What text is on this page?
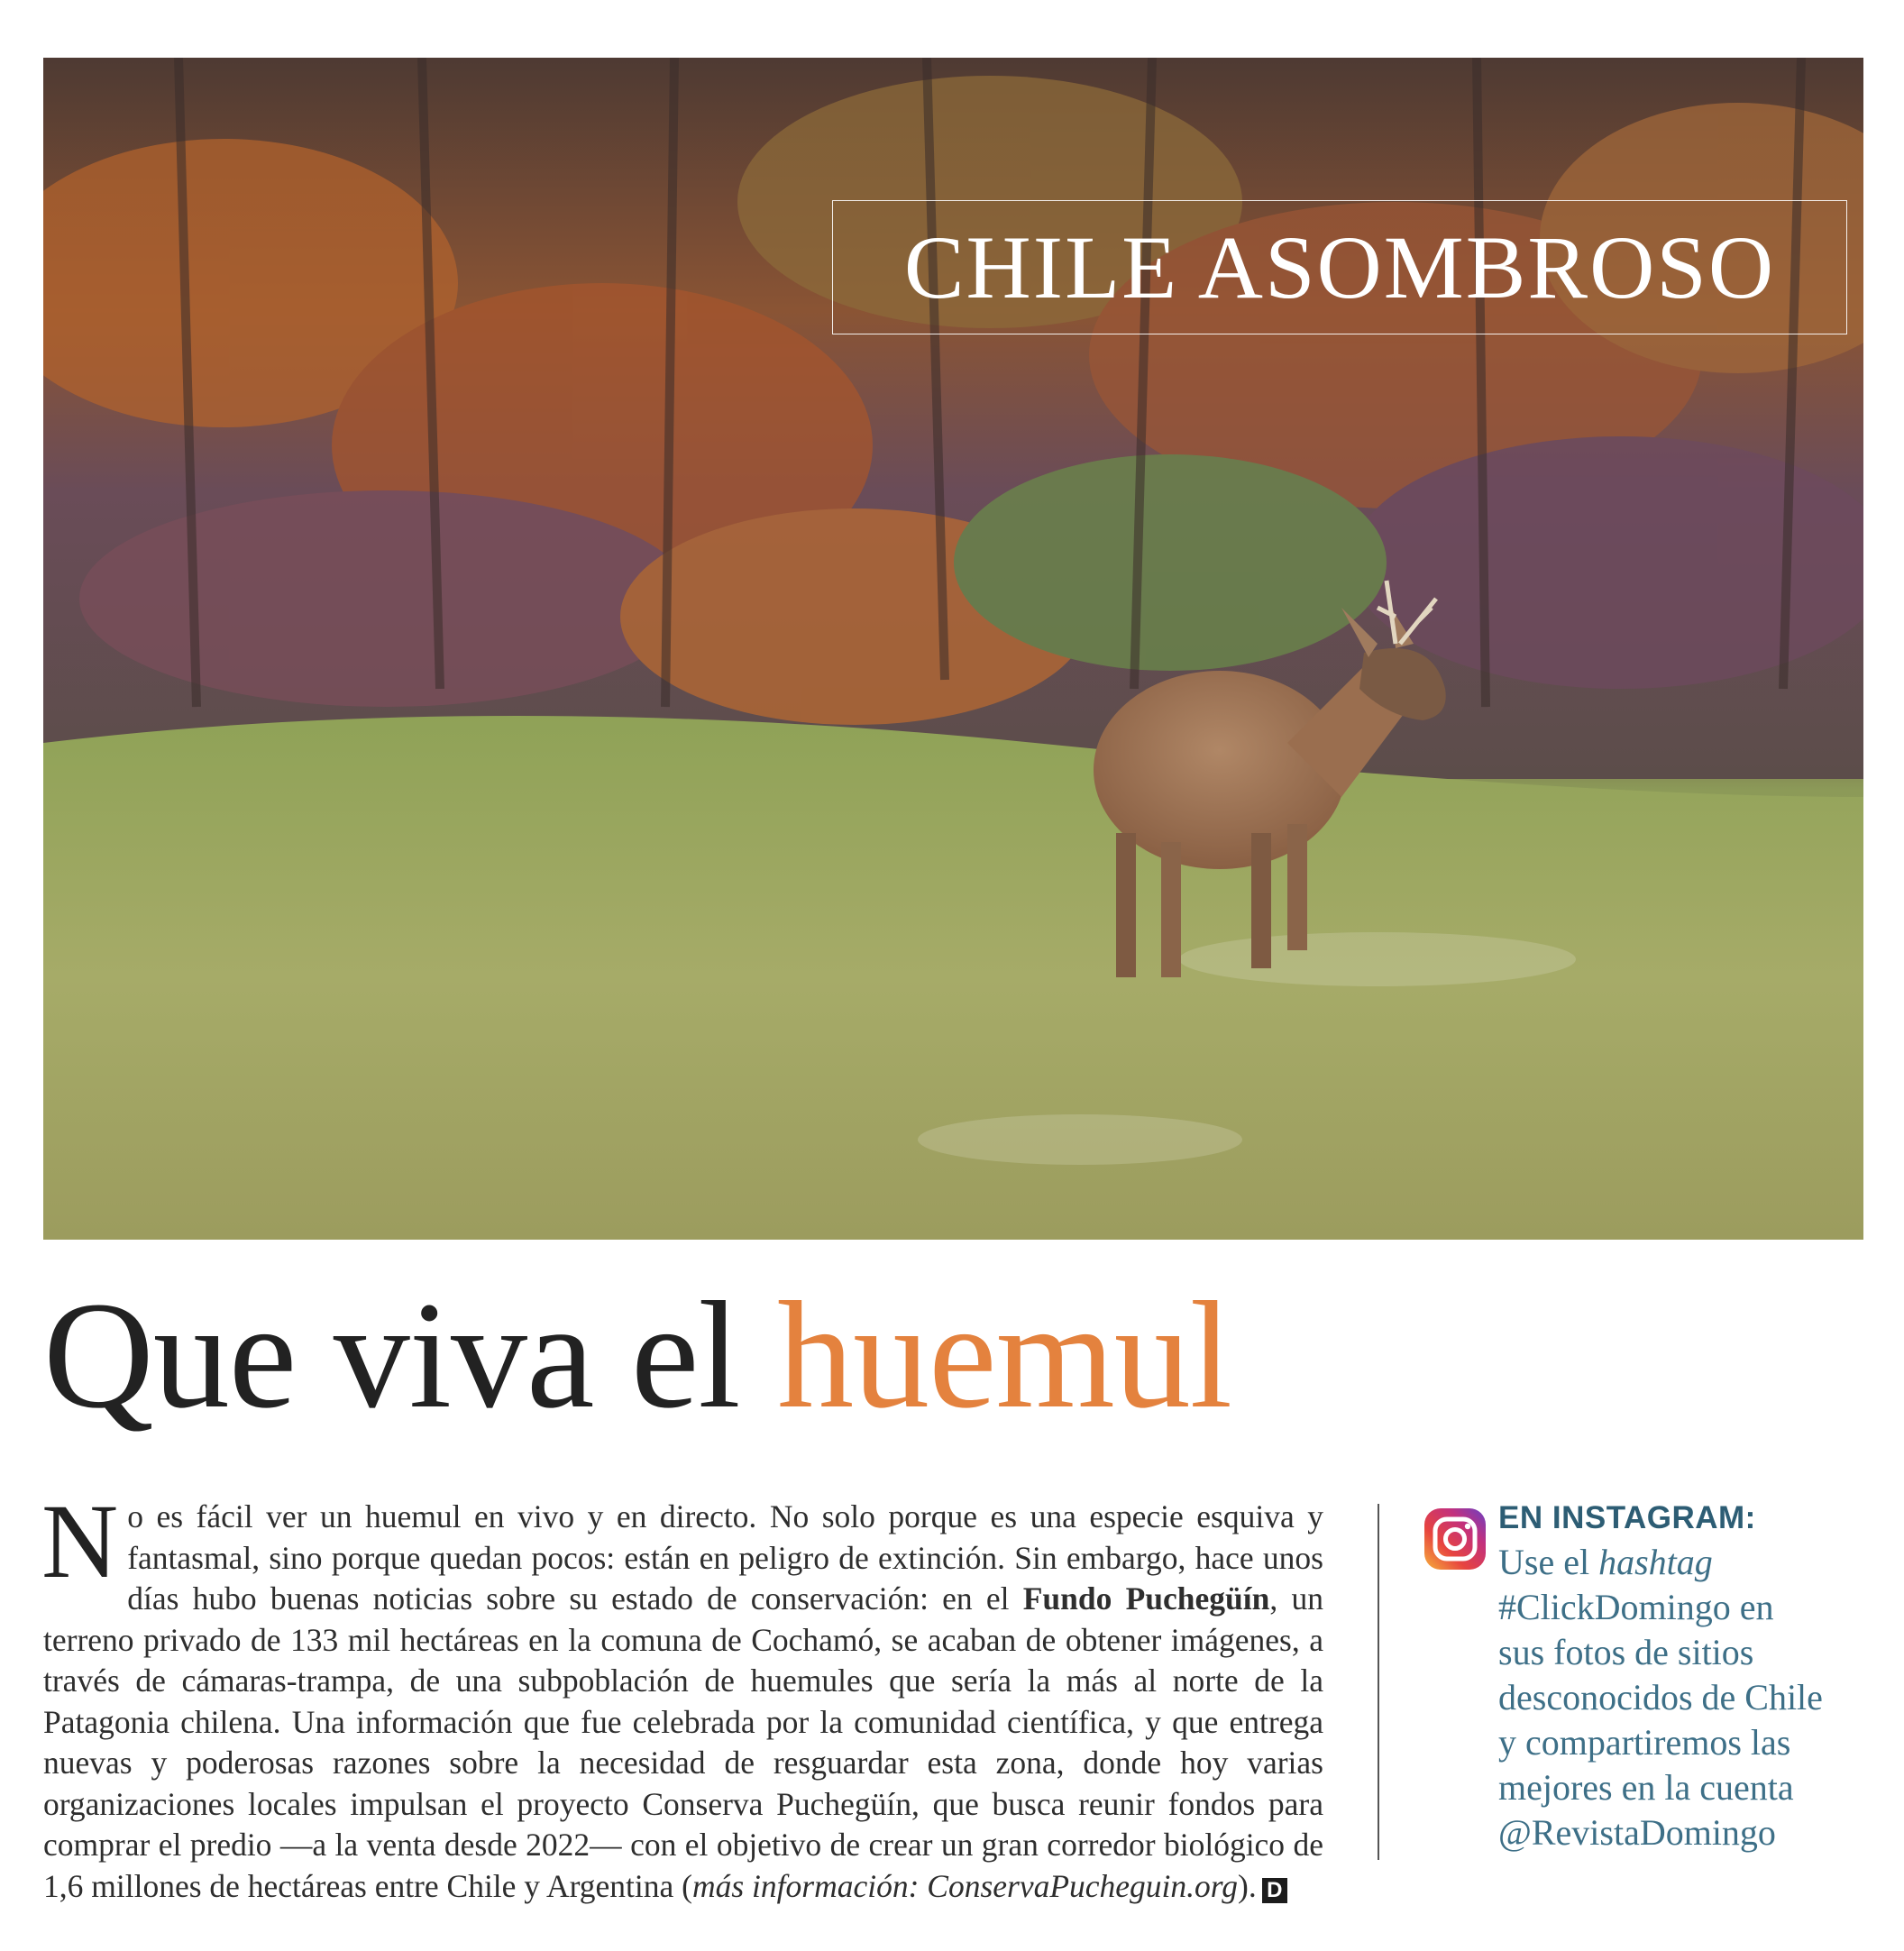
CHILE ASOMBROSO
Que viva el huemul
No es fácil ver un huemul en vivo y en directo. No solo porque es una especie esquiva y fantasmal, sino porque quedan pocos: están en peligro de extinción. Sin embargo, hace unos días hubo buenas noticias sobre su estado de conservación: en el Fundo Puchegüín, un terreno privado de 133 mil hectáreas en la comuna de Cochamó, se acaban de obtener imágenes, a través de cámaras-trampa, de una subpoblación de huemules que sería la más al norte de la Patagonia chilena. Una información que fue celebrada por la comunidad científica, y que entrega nuevas y poderosas razones sobre la necesidad de resguardar esta zona, donde hoy varias organizaciones locales impulsan el proyecto Conserva Puchegüín, que busca reunir fondos para comprar el predio —a la venta desde 2022— con el objetivo de crear un gran corredor biológico de 1,6 millones de hectáreas entre Chile y Argentina (más información: ConservaPucheguin.org). D
EN INSTAGRAM:
Use el hashtag
#ClickDomingo en
sus fotos de sitios
desconocidos de Chile
y compartiremos las
mejores en la cuenta
@RevistaDomingo
